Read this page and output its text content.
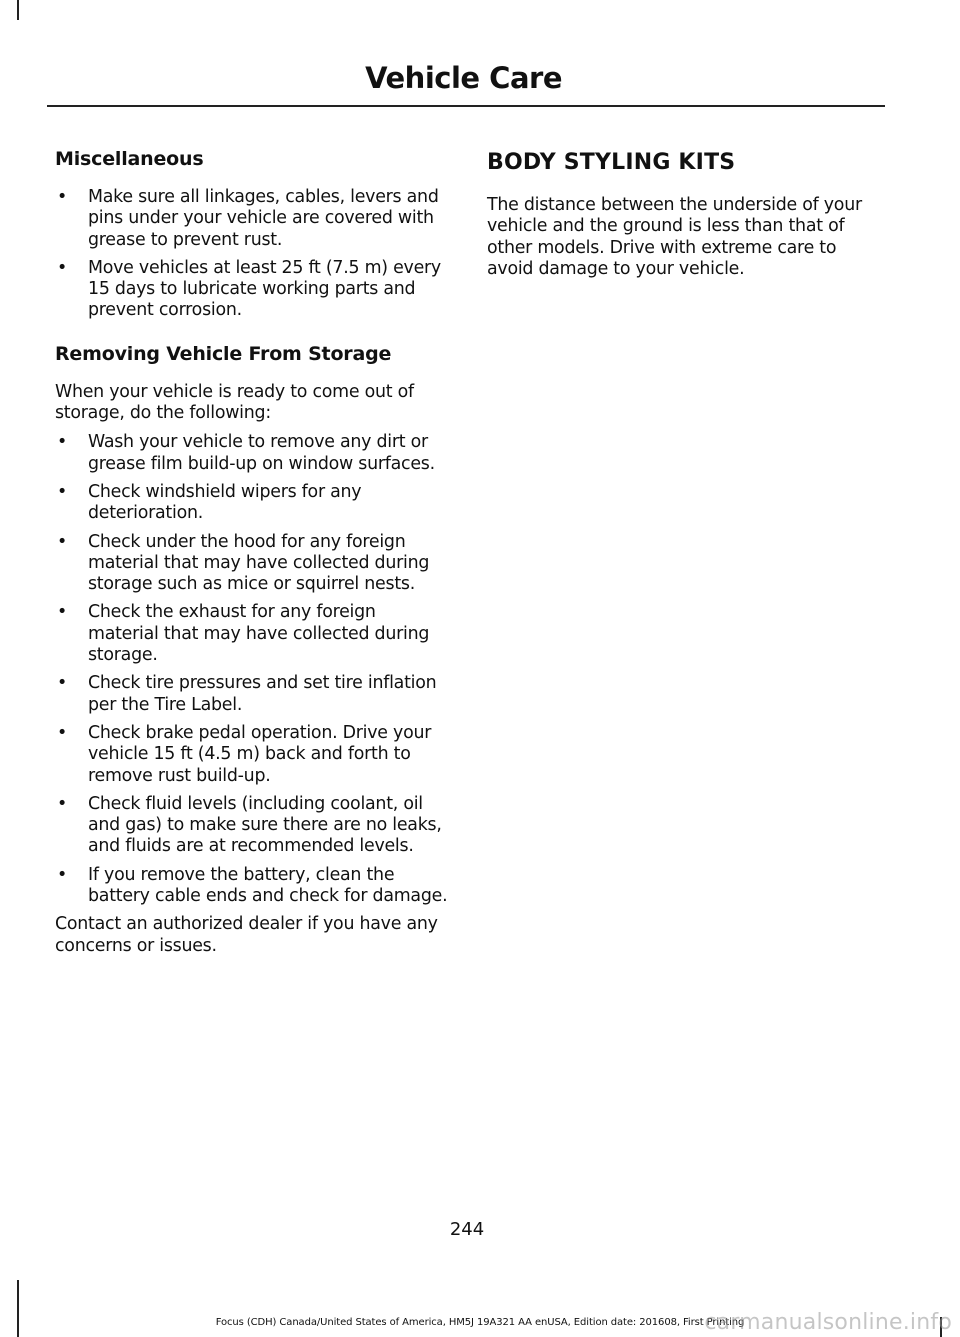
Vehicle Care
Miscellaneous
• Make sure all linkages, cables, levers and pins under your vehicle are covered with grease to prevent rust.
• Move vehicles at least 25 ft (7.5 m) every 15 days to lubricate working parts and prevent corrosion.
Removing Vehicle From Storage

When your vehicle is ready to come out of storage, do the following:

• Wash your vehicle to remove any dirt or grease film build-up on window surfaces.
• Check windshield wipers for any deterioration.
• Check under the hood for any foreign material that may have collected during storage such as mice or squirrel nests.
• Check the exhaust for any foreign material that may have collected during storage.
• Check tire pressures and set tire inflation per the Tire Label.
• Check brake pedal operation. Drive your vehicle 15 ft (4.5 m) back and forth to remove rust build-up.
• Check fluid levels (including coolant, oil and gas) to make sure there are no leaks, and fluids are at recommended levels.
• If you remove the battery, clean the battery cable ends and check for damage.

Contact an authorized dealer if you have any concerns or issues.

BODY STYLING KITS

The distance between the underside of your vehicle and the ground is less than that of other models. Drive with extreme care to avoid damage to your vehicle.

244
Focus (CDH) Canada/United States of America, HM5J 19A321 AA enUSA, Edition date: 201608, First Printing
carmanualsonline.info
